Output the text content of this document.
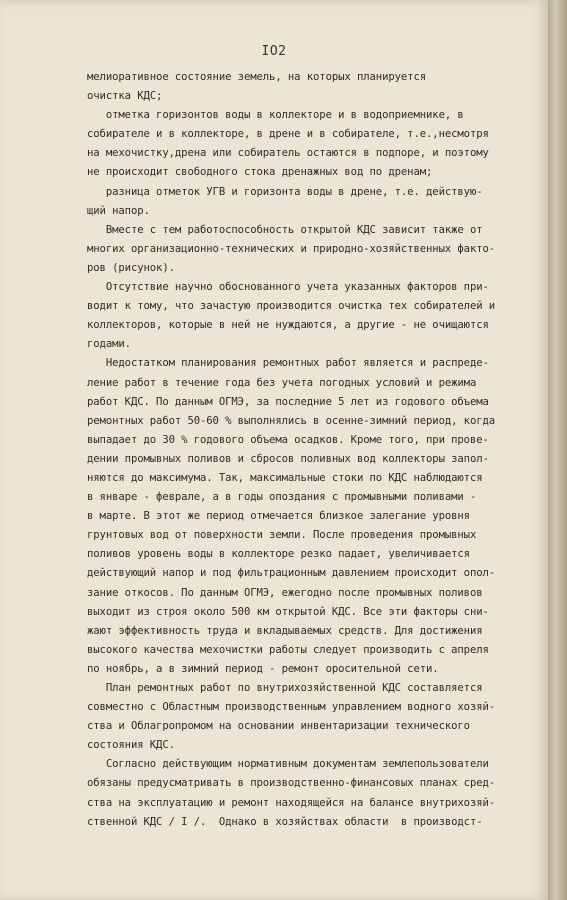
IO2
мелиоративное состояние земель, на которых планируется
очистка КДС;
отметка горизонтов воды в коллекторе и в водоприемнике, в
собирателе и в коллекторе, в дрене и в собирателе, т.е.,несмотря
на мехочистку,дрена или собиратель остаются в подпоре, и поэтому
не происходит свободного стока дренажных вод по дренам;
разница отметок УГВ и горизонта воды в дрене, т.е. действую-
щий напор.
Вместе с тем работоспособность открытой КДС зависит также от
многих организационно-технических и природно-хозяйственных факто-
ров (рисунок).
Отсутствие научно обоснованного учета указанных факторов при-
водит к тому, что зачастую производится очистка тех собирателей и
коллекторов, которые в ней не нуждаются, а другие - не очищаются
годами.
Недостатком планирования ремонтных работ является и распреде-
ление работ в течение года без учета погодных условий и режима
работ КДС. По данным ОГМЭ, за последние 5 лет из годового объема
ремонтных работ 50-60 % выполнялись в осенне-зимний период, когда
выпадает до 30 % годового объема осадков. Кроме того, при прове-
дении промывных поливов и сбросов поливных вод коллекторы запол-
няются до максимума. Так, максимальные стоки по КДС наблюдаются
в январе - феврале, а в годы опоздания с промывными поливами -
в марте. В этот же период отмечается близкое залегание уровня
грунтовых вод от поверхности земли. После проведения промывных
поливов уровень воды в коллекторе резко падает, увеличивается
действующий напор и под фильтрационным давлением происходит опол-
зание откосов. По данным ОГМЭ, ежегодно после промывных поливов
выходит из строя около 500 км открытой КДС. Все эти факторы сни-
жают эффективность труда и вкладываемых средств. Для достижения
высокого качества мехочистки работы следует производить с апреля
по ноябрь, а в зимний период - ремонт оросительной сети.
План ремонтных работ по внутрихозяйственной КДС составляется
совместно с Областным производственным управлением водного хозяй-
ства и Облагропромом на основании инвентаризации технического
состояния КДС.
Согласно действующим нормативным документам землепользователи
обязаны предусматривать в производственно-финансовых планах сред-
ства на эксплуатацию и ремонт находящейся на балансе внутрихозяй-
ственной КДС / I /.  Однако в хозяйствах области  в производст-
